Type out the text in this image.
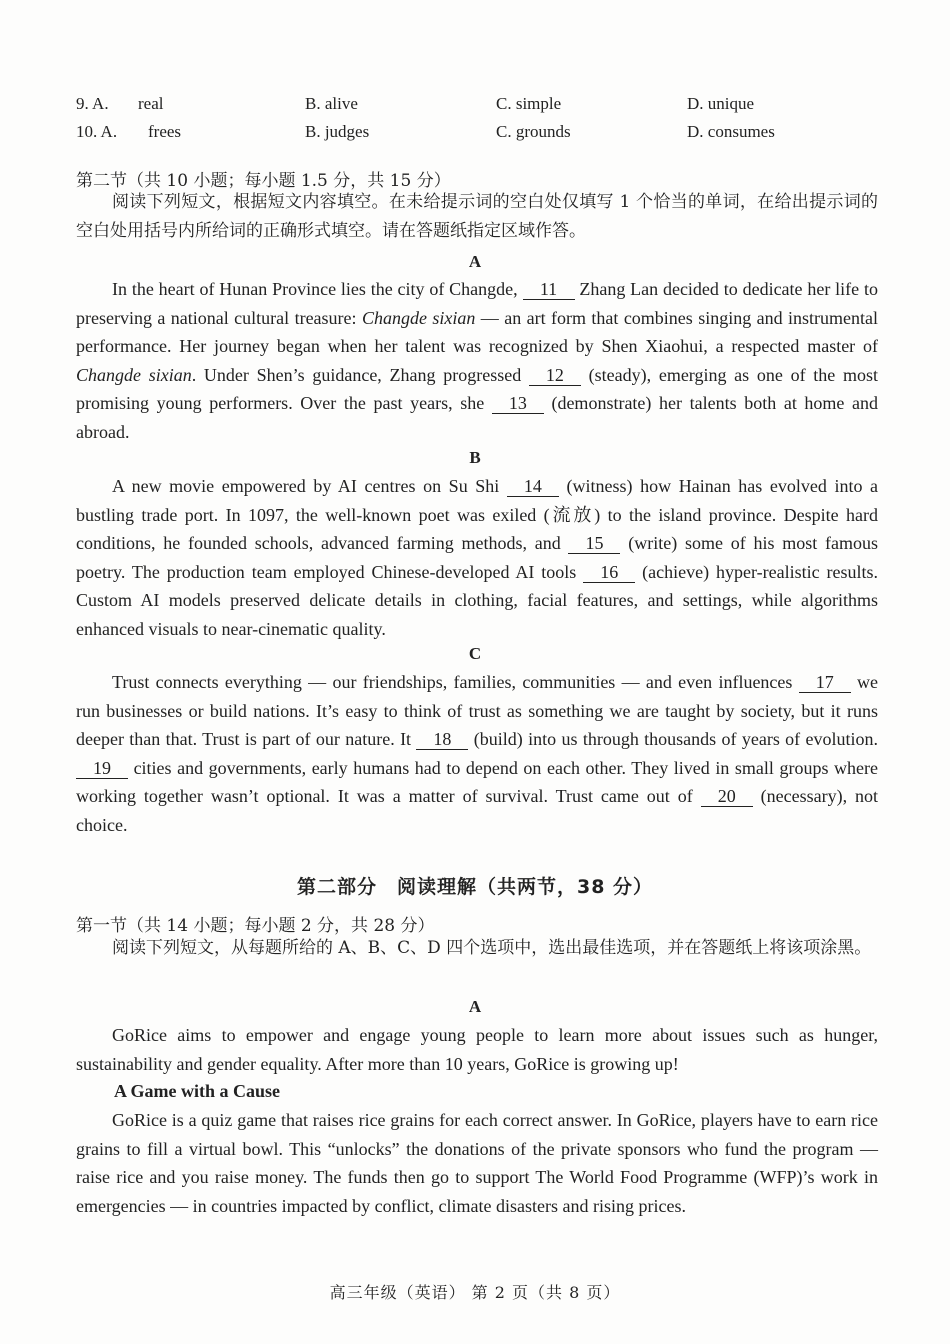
9. A. real	B. alive	C. simple	D. unique
10. A. frees	B. judges	C. grounds	D. consumes
第二节（共 10 小题；每小题 1.5 分，共 15 分）
阅读下列短文，根据短文内容填空。在未给提示词的空白处仅填写 1 个恰当的单词，在给出提示词的空白处用括号内所给词的正确形式填空。请在答题纸指定区域作答。
A

In the heart of Hunan Province lies the city of Changde, 11 Zhang Lan decided to dedicate her life to preserving a national cultural treasure: Changde sixian — an art form that combines singing and instrumental performance. Her journey began when her talent was recognized by Shen Xiaohui, a respected master of Changde sixian. Under Shen’s guidance, Zhang progressed 12 (steady), emerging as one of the most promising young performers. Over the past years, she 13 (demonstrate) her talents both at home and abroad.

B

A new movie empowered by AI centres on Su Shi 14 (witness) how Hainan has evolved into a bustling trade port. In 1097, the well-known poet was exiled (流放) to the island province. Despite hard conditions, he founded schools, advanced farming methods, and 15 (write) some of his most famous poetry. The production team employed Chinese-developed AI tools 16 (achieve) hyper-realistic results. Custom AI models preserved delicate details in clothing, facial features, and settings, while algorithms enhanced visuals to near-cinematic quality.

C

Trust connects everything — our friendships, families, communities — and even influences 17 we run businesses or build nations. It’s easy to think of trust as something we are taught by society, but it runs deeper than that. Trust is part of our nature. It 18 (build) into us through thousands of years of evolution. 19 cities and governments, early humans had to depend on each other. They lived in small groups where working together wasn’t optional. It was a matter of survival. Trust came out of 20 (necessary), not choice.

第二部分　阅读理解（共两节，38 分）
第一节（共 14 小题；每小题 2 分，共 28 分）
阅读下列短文，从每题所给的 A、B、C、D 四个选项中，选出最佳选项，并在答题纸上将该项涂黑。
A

GoRice aims to empower and engage young people to learn more about issues such as hunger, sustainability and gender equality. After more than 10 years, GoRice is growing up!

A Game with a Cause

GoRice is a quiz game that raises rice grains for each correct answer. In GoRice, players have to earn rice grains to fill a virtual bowl. This “unlocks” the donations of the private sponsors who fund the program — raise rice and you raise money. The funds then go to support The World Food Programme (WFP)’s work in emergencies — in countries impacted by conflict, climate disasters and rising prices.

高三年级（英语） 第 2 页（共 8 页）
